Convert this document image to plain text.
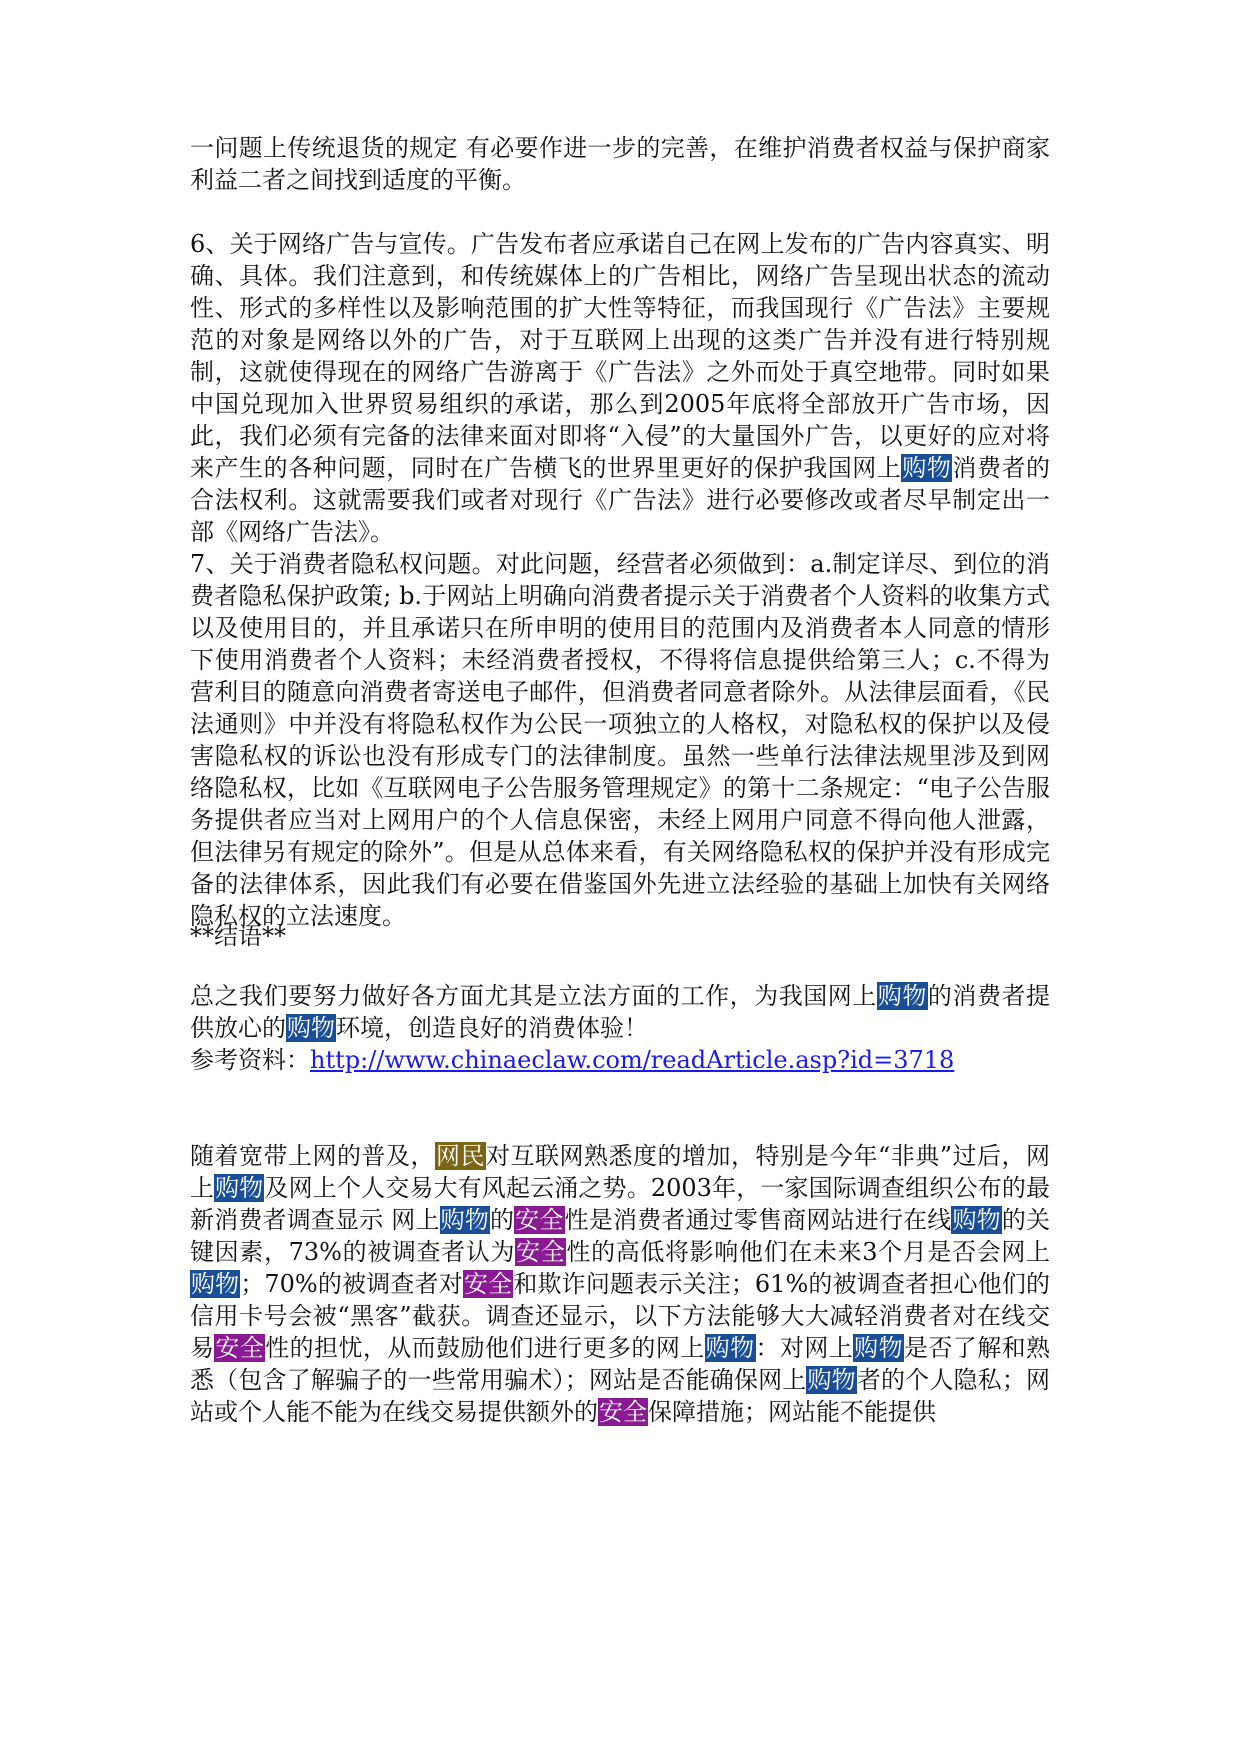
一问题上传统退货的规定 有必要作进一步的完善，在维护消费者权益与保护商家利益二者之间找到适度的平衡。

6、关于网络广告与宣传。广告发布者应承诺自己在网上发布的广告内容真实、明确、具体。我们注意到，和传统媒体上的广告相比，网络广告呈现出状态的流动性、形式的多样性以及影响范围的扩大性等特征，而我国现行《广告法》主要规范的对象是网络以外的广告，对于互联网上出现的这类广告并没有进行特别规制，这就使得现在的网络广告游离于《广告法》之外而处于真空地带。同时如果中国兑现加入世界贸易组织的承诺，那么到2005年底将全部放开广告市场，因此，我们必须有完备的法律来面对即将“入侵”的大量国外广告，以更好的应对将来产生的各种问题，同时在广告横飞的世界里更好的保护我国网上购物消费者的合法权利。这就需要我们或者对现行《广告法》进行必要修改或者尽早制定出一部《网络广告法》。

7、关于消费者隐私权问题。对此问题，经营者必须做到：a.制定详尽、到位的消费者隐私保护政策; b.于网站上明确向消费者提示关于消费者个人资料的收集方式以及使用目的，并且承诺只在所申明的使用目的范围内及消费者本人同意的情形下使用消费者个人资料；未经消费者授权，不得将信息提供给第三人；c.不得为营利目的随意向消费者寄送电子邮件，但消费者同意者除外。从法律层面看，《民法通则》中并没有将隐私权作为公民一项独立的人格权，对隐私权的保护以及侵害隐私权的诉讼也没有形成专门的法律制度。虽然一些单行法律法规里涉及到网络隐私权，比如《互联网电子公告服务管理规定》的第十二条规定：“电子公告服务提供者应当对上网用户的个人信息保密，未经上网用户同意不得向他人泄露，但法律另有规定的除外”。但是从总体来看，有关网络隐私权的保护并没有形成完备的法律体系，因此我们有必要在借鉴国外先进立法经验的基础上加快有关网络隐私权的立法速度。

**结语**

总之我们要努力做好各方面尤其是立法方面的工作，为我国网上购物的消费者提供放心的购物环境，创造良好的消费体验！

参考资料：http://www.chinaeclaw.com/readArticle.asp?id=3718

随着宽带上网的普及，网民对互联网熟悉度的增加，特别是今年“非典”过后，网上购物及网上个人交易大有风起云涌之势。2003年，一家国际调查组织公布的最新消费者调查显示 网上购物的安全性是消费者通过零售商网站进行在线购物的关键因素，73%的被调查者认为安全性的高低将影响他们在未来3个月是否会网上购物；70%的被调查者对安全和欺诈问题表示关注；61%的被调查者担心他们的信用卡号会被“黑客”截获。调查还显示，以下方法能够大大减轻消费者对在线交易安全性的担忧，从而鼓励他们进行更多的网上购物：对网上购物是否了解和熟悉（包含了解骗子的一些常用骗术）；网站是否能确保网上购物者的个人隐私；网站或个人能不能为在线交易提供额外的安全保障措施；网站能不能提供
